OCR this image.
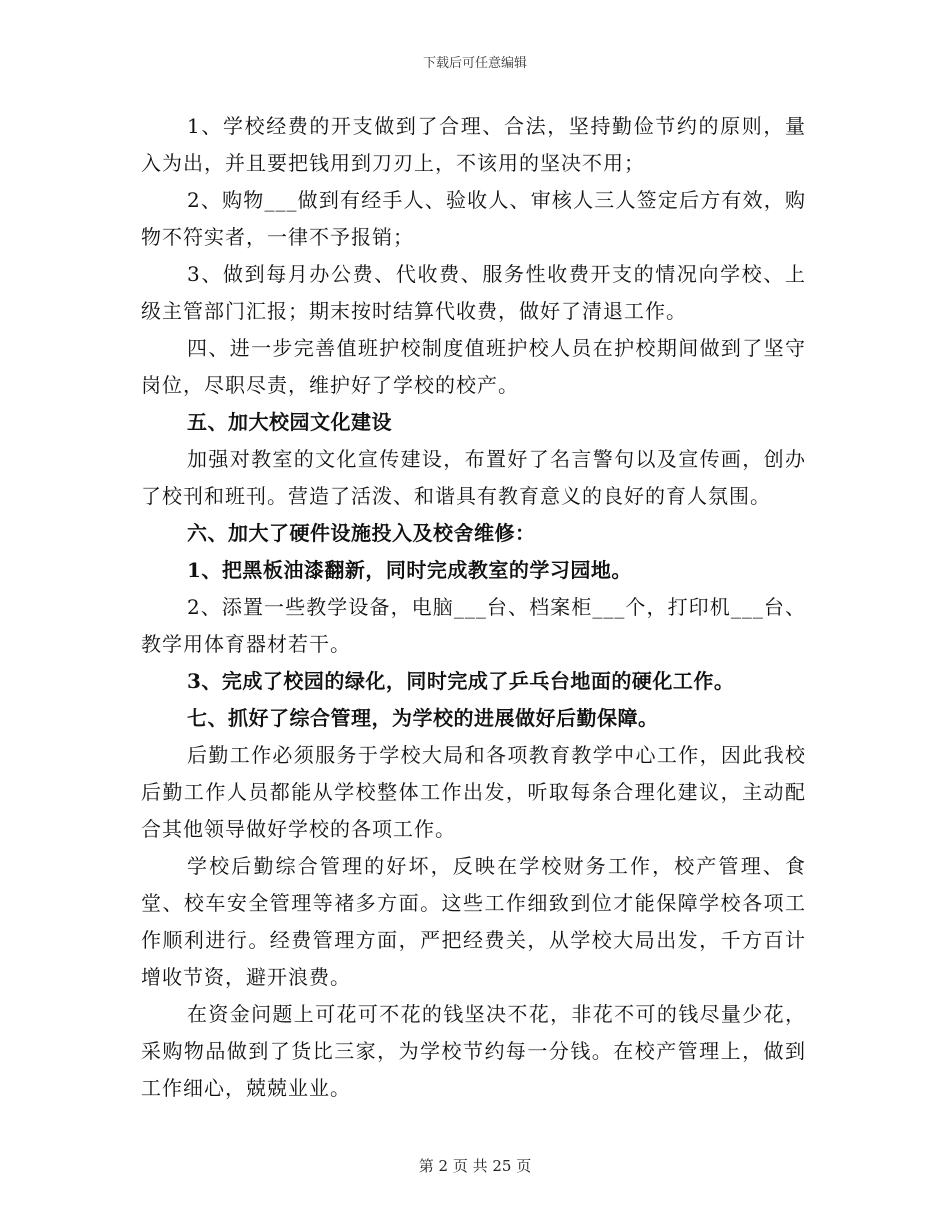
下载后可任意编辑

1、学校经费的开支做到了合理、合法，坚持勤俭节约的原则，量入为出，并且要把钱用到刀刃上，不该用的坚决不用；

2、购物___做到有经手人、验收人、审核人三人签定后方有效，购物不符实者，一律不予报销；

3、做到每月办公费、代收费、服务性收费开支的情况向学校、上级主管部门汇报；期末按时结算代收费，做好了清退工作。

四、进一步完善值班护校制度值班护校人员在护校期间做到了坚守岗位，尽职尽责，维护好了学校的校产。

五、加大校园文化建设

加强对教室的文化宣传建设，布置好了名言警句以及宣传画，创办了校刊和班刊。营造了活泼、和谐具有教育意义的良好的育人氛围。

六、加大了硬件设施投入及校舍维修：

1、把黑板油漆翻新，同时完成教室的学习园地。

2、添置一些教学设备，电脑___台、档案柜___个，打印机___台、教学用体育器材若干。

3、完成了校园的绿化，同时完成了乒乓台地面的硬化工作。

七、抓好了综合管理，为学校的进展做好后勤保障。

后勤工作必须服务于学校大局和各项教育教学中心工作，因此我校后勤工作人员都能从学校整体工作出发，听取每条合理化建议，主动配合其他领导做好学校的各项工作。

学校后勤综合管理的好坏，反映在学校财务工作，校产管理、食堂、校车安全管理等褚多方面。这些工作细致到位才能保障学校各项工作顺利进行。经费管理方面，严把经费关，从学校大局出发，千方百计增收节资，避开浪费。

在资金问题上可花可不花的钱坚决不花，非花不可的钱尽量少花，采购物品做到了货比三家，为学校节约每一分钱。在校产管理上，做到工作细心，兢兢业业。

第 2 页 共 25 页
